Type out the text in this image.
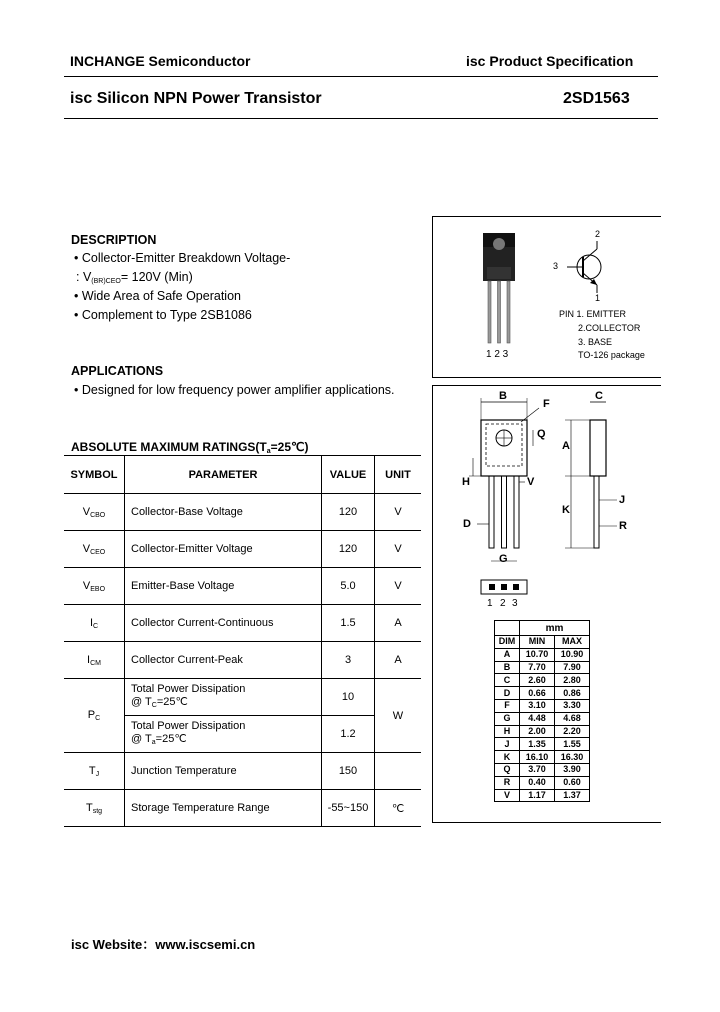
INCHANGE Semiconductor	isc Product Specification
isc Silicon NPN Power Transistor	2SD1563
DESCRIPTION
• Collector-Emitter Breakdown Voltage-
: $V_{(BR)CEO}= 120V$ (Min)
• Wide Area of Safe Operation
• Complement to Type 2SB1086
APPLICATIONS
• Designed for low frequency power amplifier applications.
ABSOLUTE MAXIMUM $RATINGS(T_a=25℃)$
SYMBOL	PARAMETER	VALUE	UNIT
$V_{CBO}$	Collector-Base Voltage	120	V
$V_{CEO}$	Collector-Emitter Voltage	120	V
$V_{EBO}$	Emitter-Base Voltage	5.0	V
$I_C$	Collector Current-Continuous	1.5	A
$I_{CM}$	Collector Current-Peak	3	A
$P_C$	Total Power Dissipation
@ $T_C=25℃$	10	W

	Total Power Dissipation
@ $T_a=25℃$	1.2	
$T_J$	Junction Temperature	150	
$T_{stg}$	Storage Temperature Range	-55~150	℃
1 2 3
2
3
1
PIN 1. EMITTER
2.COLLECTOR
3. BASE
TO-126 package
B
F
C
Q
A
H	V
J
K
D	R
G
1 2 3
	mm	
DIM	MIN	MAX
A	10.70	10.90
B	7.70	7.90
C	2.60	2.80
D	0.66	0.86
F	3.10	3.30
G	4.48	4.68
H	2.00	2.20
J	1.35	1.55
K	16.10	16.30
Q	3.70	3.90
R	0.40	0.60
V	1.17	1.37
isc Website：www.iscsemi.cn
